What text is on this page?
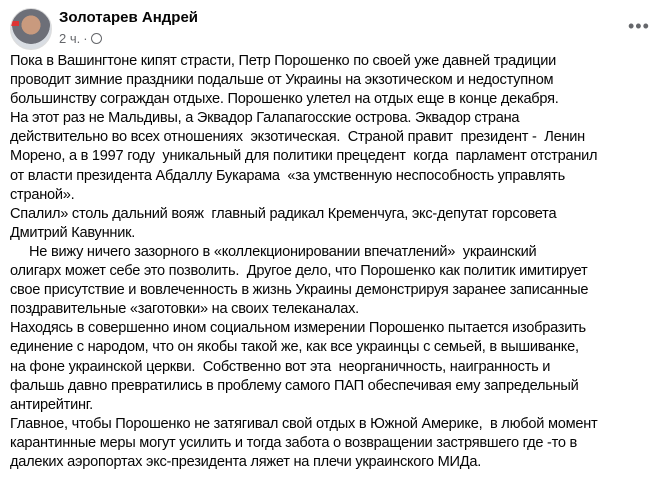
Золотарев Андрей
2 ч. ·
•••
Пока в Вашингтоне кипят страсти, Петр Порошенко по своей уже давней традиции
проводит зимние праздники подальше от Украины на экзотическом и недоступном
большинству сограждан отдыхе. Порошенко улетел на отдых еще в конце декабря.
На этот раз не Мальдивы, а Эквадор Галапагосские острова. Эквадор страна
действительно во всех отношениях  экзотическая.  Страной правит  президент -  Ленин
Морено, а в 1997 году  уникальный для политики прецедент  когда  парламент отстранил
от власти президента Абдаллу Букарама  «за умственную неспособность управлять
страной».
Спалил» столь дальний вояж  главный радикал Кременчуга, экс-депутат горсовета
Дмитрий Кавунник.
Не вижу ничего зазорного в «коллекционировании впечатлений»  украинский
олигарх может себе это позволить.  Другое дело, что Порошенко как политик имитирует
свое присутствие и вовлеченность в жизнь Украины демонстрируя заранее записанные
поздравительные «заготовки» на своих телеканалах.
Находясь в совершенно ином социальном измерении Порошенко пытается изобразить
единение с народом, что он якобы такой же, как все украинцы с семьей, в вышиванке,
на фоне украинской церкви.  Собственно вот эта  неорганичность, наигранность и
фальшь давно превратились в проблему самого ПАП обеспечивая ему запредельный
антирейтинг.
Главное, чтобы Порошенко не затягивал свой отдых в Южной Америке,  в любой момент
карантинные меры могут усилить и тогда забота о возвращении застрявшего где -то в
далеких аэропортах экс-президента ляжет на плечи украинского МИДа.
